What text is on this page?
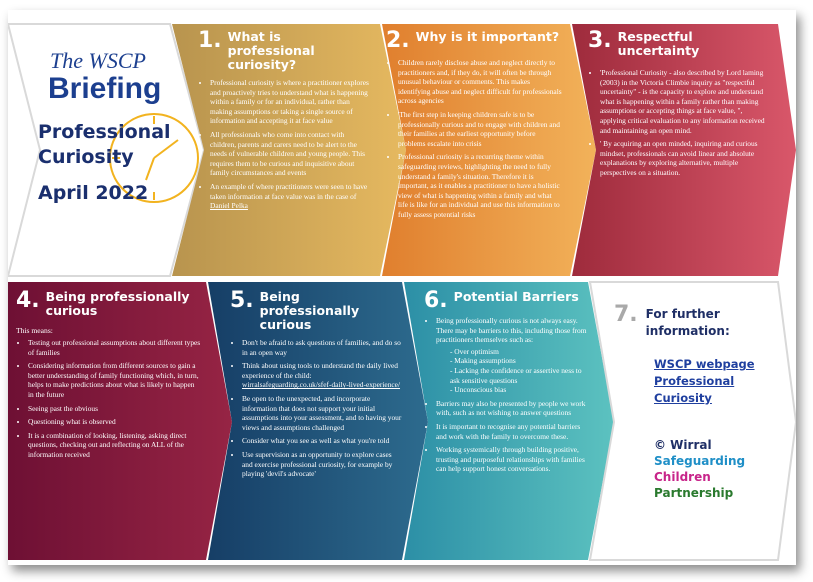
The WSCP
Briefing
Professional
Curiosity
April 2022
1. What is professional curiosity?
• Professional curiosity is where a practitioner explores and proactively tries to understand what is happening within a family or for an individual, rather than making assumptions or taking a single source of information and accepting it at face value
• All professionals who come into contact with children, parents and carers need to be alert to the needs of vulnerable children and young people. This requires them to be curious and inquisitive about family circumstances and events
• An example of where practitioners were seen to have taken information at face value was in the case of Daniel Pelka
2. Why is it important?
• Children rarely disclose abuse and neglect directly to practitioners and, if they do, it will often be through unusual behaviour or comments. This makes identifying abuse and neglect difficult for professionals across agencies
• 'The first step in keeping children safe is to be professionally curious and to engage with children and their families at the earliest opportunity before problems escalate into crisis
• Professional curiosity is a recurring theme within safeguarding reviews, highlighting the need to fully understand a family's situation. Therefore it is important, as it enables a practitioner to have a holistic view of what is happening within a family and what life is like for an individual and use this information to fully assess potential risks
3. Respectful uncertainty
• 'Professional Curiosity - also described by Lord laming (2003) in the Victoria Climbie inquiry as "respectful uncertainty" - is the capacity to explore and understand what is happening within a family rather than making assumptions or accepting things at face value, ", applying critical evaluation to any information received and maintaining an open mind.
• ' By acquiring an open minded, inquiring and curious mindset, professionals can avoid linear and absolute explanations by exploring alternative, multiple perspectives on a situation.
4. Being professionally curious
This means:
• Testing out professional assumptions about different types of families
• Considering information from different sources to gain a better understanding of family functioning which, in turn, helps to make predictions about what is likely to happen in the future
• Seeing past the obvious
• Questioning what is observed
• It is a combination of looking, listening, asking direct questions, checking out and reflecting on ALL of the information received
5. Being professionally curious
• Don't be afraid to ask questions of families, and do so in an open way
• Think about using tools to understand the daily lived experience of the child: wirralsafeguarding.co.uk/sfef-daily-lived-experience/
• Be open to the unexpected, and incorporate information that does not support your initial assumptions into your assessment, and to having your views and assumptions challenged
• Consider what you see as well as what you're told
• Use supervision as an opportunity to explore cases and exercise professional curiosity, for example by playing 'devil's advocate'
6. Potential Barriers
• Being professionally curious is not always easy. There may be barriers to this, including those from practitioners themselves such as:
- Over optimism
- Making assumptions
- Lacking the confidence or assertive ness to ask sensitive questions
- Unconscious bias
• Barriers may also be presented by people we work with, such as not wishing to answer questions
• It is important to recognise any potential barriers and work with the family to overcome these.
• Working systemically through building positive, trusting and purposeful relationships with families can help support honest conversations.
7. For further
information:
WSCP webpage
Professional
Curiosity
© Wirral
Safeguarding
Children
Partnership
